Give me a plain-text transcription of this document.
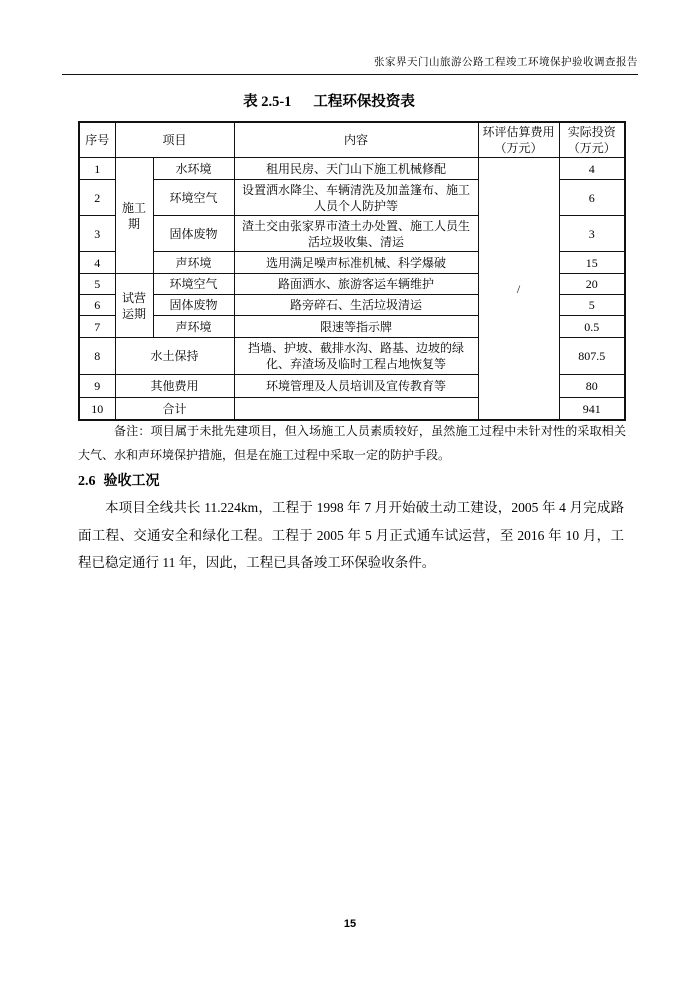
张家界天门山旅游公路工程竣工环境保护验收调查报告
表 2.5-1 工程环保投资表
序号	项目		内容	环评估算费用（万元）	实际投资（万元）
1	施工期	水环境	租用民房、天门山下施工机械修配	/	4
2		环境空气	设置洒水降尘、车辆清洗及加盖篷布、施工人员个人防护等		6
3		固体废物	渣土交由张家界市渣土办处置、施工人员生活垃圾收集、清运		3
4		声环境	选用满足噪声标准机械、科学爆破		15
5	试营运期	环境空气	路面洒水、旅游客运车辆维护		20
6		固体废物	路旁碎石、生活垃圾清运		5
7		声环境	限速等指示牌		0.5
8	水土保持		挡墙、护坡、截排水沟、路基、边坡的绿化、弃渣场及临时工程占地恢复等		807.5
9	其他费用		环境管理及人员培训及宣传教育等		80
10	合计				941
备注：项目属于未批先建项目，但入场施工人员素质较好，虽然施工过程中未针对性的采取相关大气、水和声环境保护措施，但是在施工过程中采取一定的防护手段。
2.6 验收工况
本项目全线共长 11.224km，工程于 1998 年 7 月开始破土动工建设，2005 年 4 月完成路面工程、交通安全和绿化工程。工程于 2005 年 5 月正式通车试运营，至 2016 年 10 月，工程已稳定通行 11 年，因此，工程已具备竣工环保验收条件。
15
